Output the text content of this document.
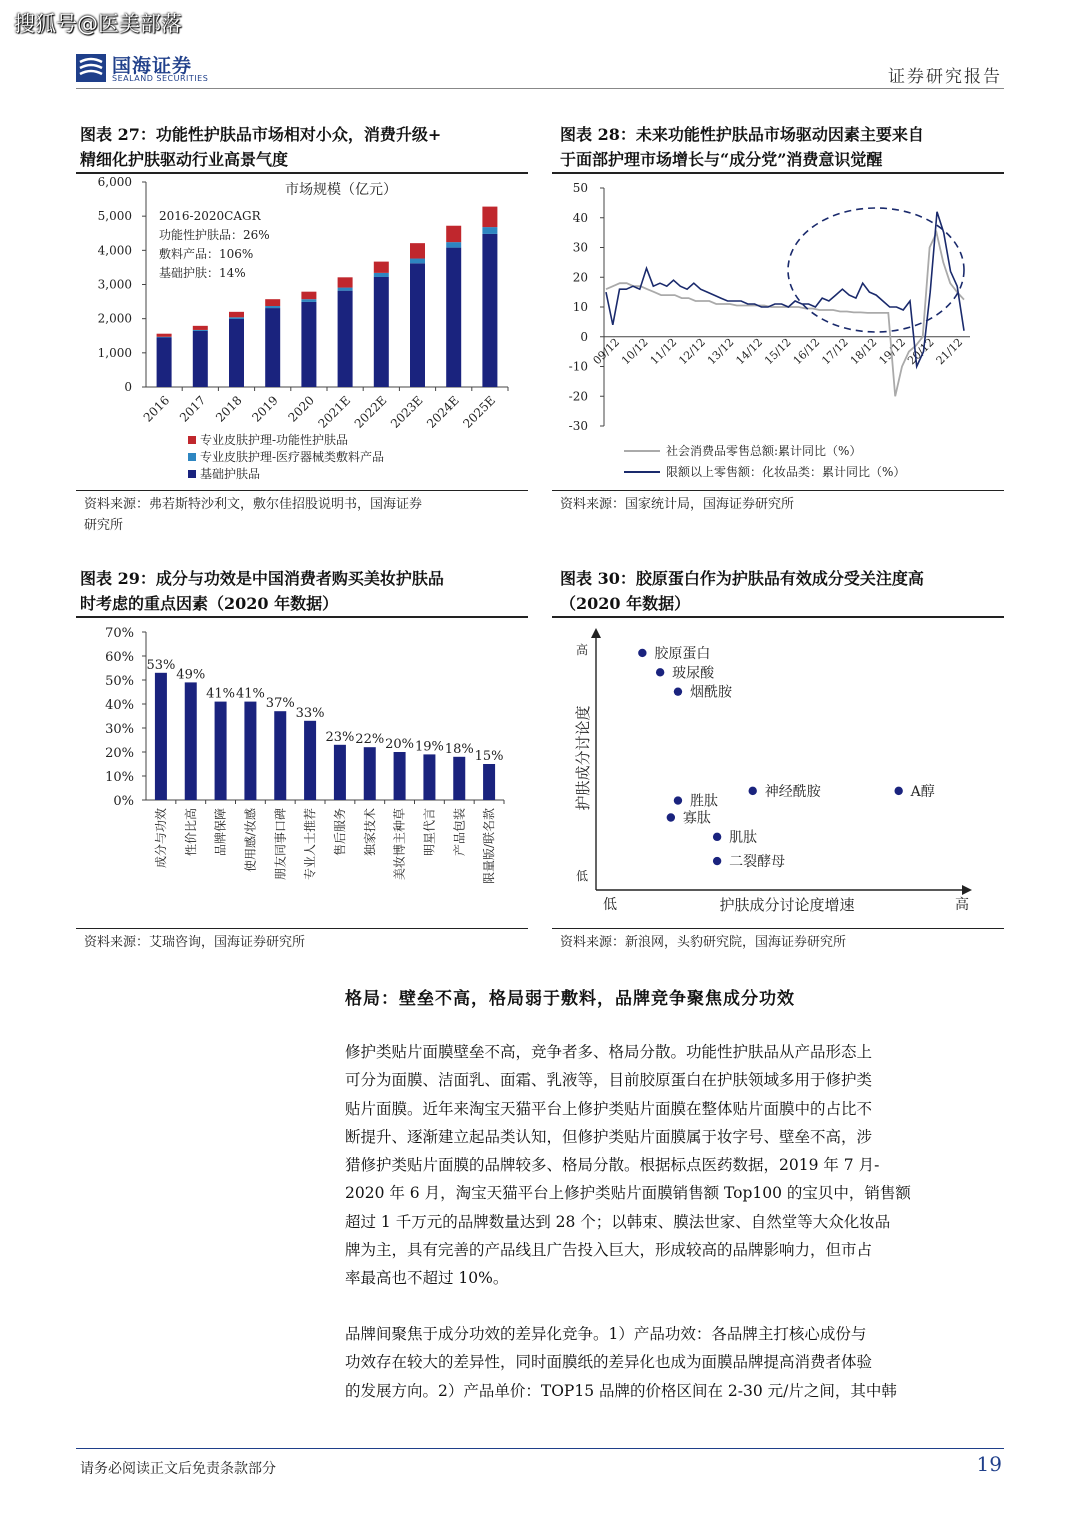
搜狐号@医美部落
国海证券
SEALAND SECURITIES	证券研究报告
图表 27：功能性护肤品市场相对小众，消费升级+
精细化护肤驱动行业高景气度
0
1,000
2,000
3,000
4,000
5,000
6,000	市场规模（亿元）
2016-2020CAGR
功能性护肤品：26%
敷料产品：106%
基础护肤：14%
2016 2017 2018 2019 2020
2021E
2022E
2023E
2024E
2025E
专业皮肤护理-功能性护肤品
专业皮肤护理-医疗器械类敷料产品
基础护肤品
资料来源：弗若斯特沙利文，敷尔佳招股说明书，国海证券
研究所
图表 28：未来功能性护肤品市场驱动因素主要来自
于面部护理市场增长与“成分党”消费意识觉醒
-30
-20
-10
0
10
20
30
40
50
09/12
10/12
11/12
12/12
13/12
14/12
15/12
16/12
17/12
18/12
19/12
20/12
21/12
社会消费品零售总额:累计同比（%）
限额以上零售额：化妆品类：累计同比（%）
资料来源：国家统计局，国海证券研究所
图表 29：成分与功效是中国消费者购买美妆护肤品
时考虑的重点因素（2020 年数据）
0%
10%
20%
30%
40%
50%
60%
70%
53%
成分与功效
49%
性价比高
41%
品牌保障
41%
使用感/妆感
37%
朋友同事口碑
33%
专业人士推荐
23%
售后服务
22%
独家技术
20%
美妆博主种草
19%
明星代言
18%
产品包装
15%
限量版/联名款
资料来源：艾瑞咨询，国海证券研究所
图表 30：胶原蛋白作为护肤品有效成分受关注度高
（2020 年数据）
高
低
低	高
护肤成分讨论度增速
护肤成分讨论度
胶原蛋白
玻尿酸
烟酰胺
神经酰胺	A醇
胜肽
寡肽
肌肽
二裂酵母
资料来源：新浪网，头豹研究院，国海证券研究所
格局：壁垒不高，格局弱于敷料，品牌竞争聚焦成分功效
修护类贴片面膜壁垒不高，竞争者多、格局分散。功能性护肤品从产品形态上
可分为面膜、洁面乳、面霜、乳液等，目前胶原蛋白在护肤领域多用于修护类
贴片面膜。近年来淘宝天猫平台上修护类贴片面膜在整体贴片面膜中的占比不
断提升、逐渐建立起品类认知，但修护类贴片面膜属于妆字号、壁垒不高，涉
猎修护类贴片面膜的品牌较多、格局分散。根据标点医药数据，2019 年 7 月-
2020 年 6 月，淘宝天猫平台上修护类贴片面膜销售额 Top100 的宝贝中，销售额
超过 1 千万元的品牌数量达到 28 个；以韩束、膜法世家、自然堂等大众化妆品
牌为主，具有完善的产品线且广告投入巨大，形成较高的品牌影响力，但市占
率最高也不超过 10%。
品牌间聚焦于成分功效的差异化竞争。1）产品功效：各品牌主打核心成份与
功效存在较大的差异性，同时面膜纸的差异化也成为面膜品牌提高消费者体验
的发展方向。2）产品单价：TOP15 品牌的价格区间在 2-30 元/片之间，其中韩
请务必阅读正文后免责条款部分	19
